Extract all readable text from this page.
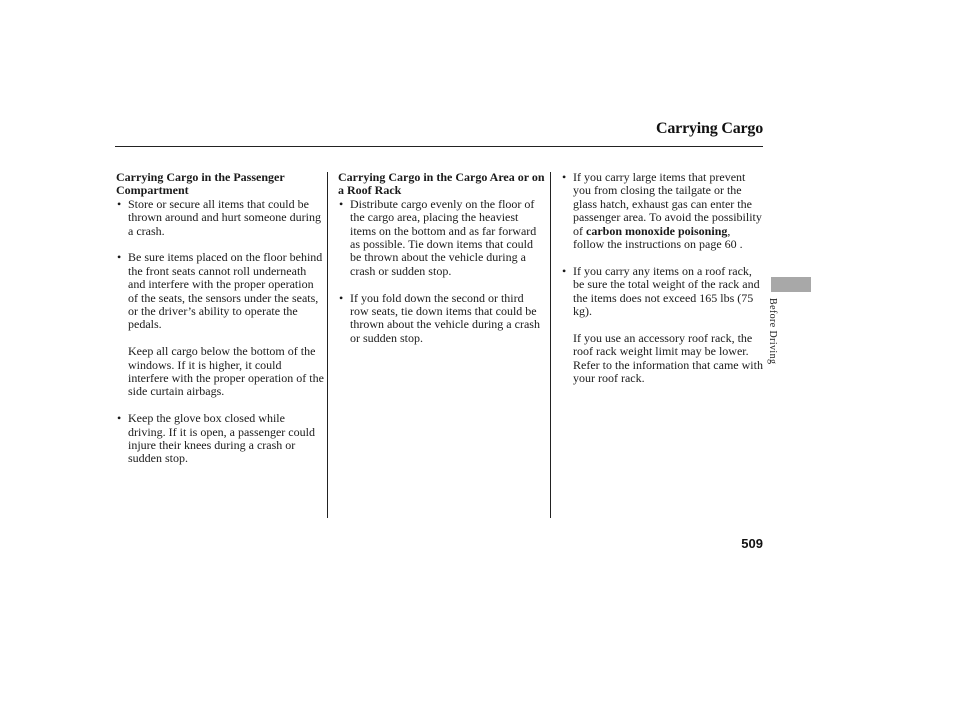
Carrying Cargo

Carrying Cargo in the Passenger Compartment

• Store or secure all items that could be thrown around and hurt someone during a crash.

• Be sure items placed on the floor behind the front seats cannot roll underneath and interfere with the proper operation of the seats, the sensors under the seats, or the driver’s ability to operate the pedals.

Keep all cargo below the bottom of the windows. If it is higher, it could interfere with the proper operation of the side curtain airbags.

• Keep the glove box closed while driving. If it is open, a passenger could injure their knees during a crash or sudden stop.

Carrying Cargo in the Cargo Area or on a Roof Rack

• Distribute cargo evenly on the floor of the cargo area, placing the heaviest items on the bottom and as far forward as possible. Tie down items that could be thrown about the vehicle during a crash or sudden stop.

• If you fold down the second or third row seats, tie down items that could be thrown about the vehicle during a crash or sudden stop.

• If you carry large items that prevent you from closing the tailgate or the glass hatch, exhaust gas can enter the passenger area. To avoid the possibility of carbon monoxide poisoning, follow the instructions on page 60 .

• If you carry any items on a roof rack, be sure the total weight of the rack and the items does not exceed 165 lbs (75 kg).

If you use an accessory roof rack, the roof rack weight limit may be lower. Refer to the information that came with your roof rack.

Before Driving
509
